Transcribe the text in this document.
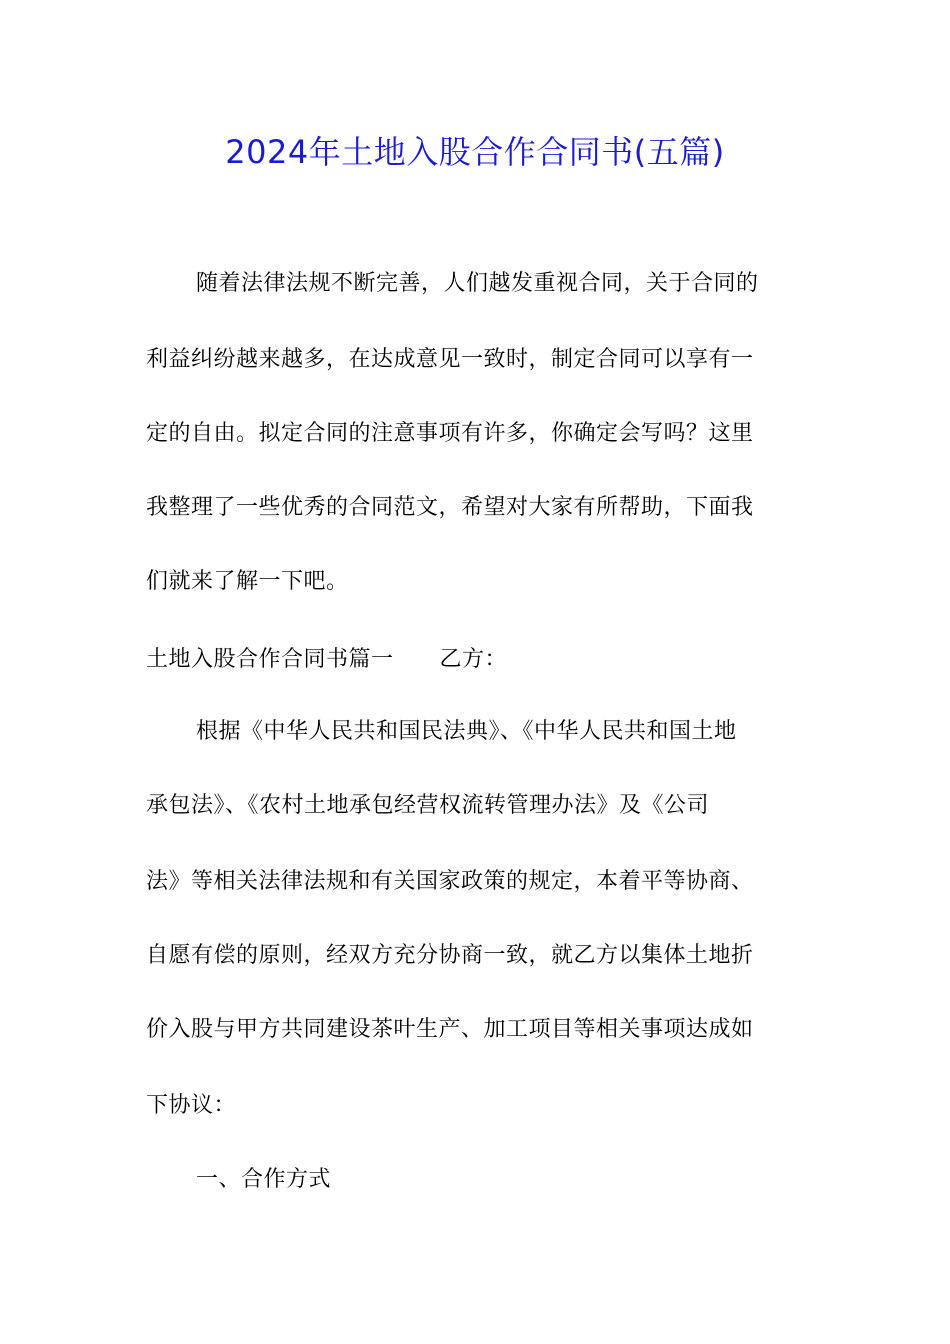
2024年土地入股合作合同书(五篇)
随着法律法规不断完善，人们越发重视合同，关于合同的
利益纠纷越来越多，在达成意见一致时，制定合同可以享有一
定的自由。拟定合同的注意事项有许多，你确定会写吗？这里
我整理了一些优秀的合同范文，希望对大家有所帮助，下面我
们就来了解一下吧。
土地入股合作合同书篇一 乙方：
根据《中华人民共和国民法典》、《中华人民共和国土地
承包法》、《农村土地承包经营权流转管理办法》及《公司
法》等相关法律法规和有关国家政策的规定，本着平等协商、
自愿有偿的原则，经双方充分协商一致，就乙方以集体土地折
价入股与甲方共同建设茶叶生产、加工项目等相关事项达成如
下协议：
一、合作方式
